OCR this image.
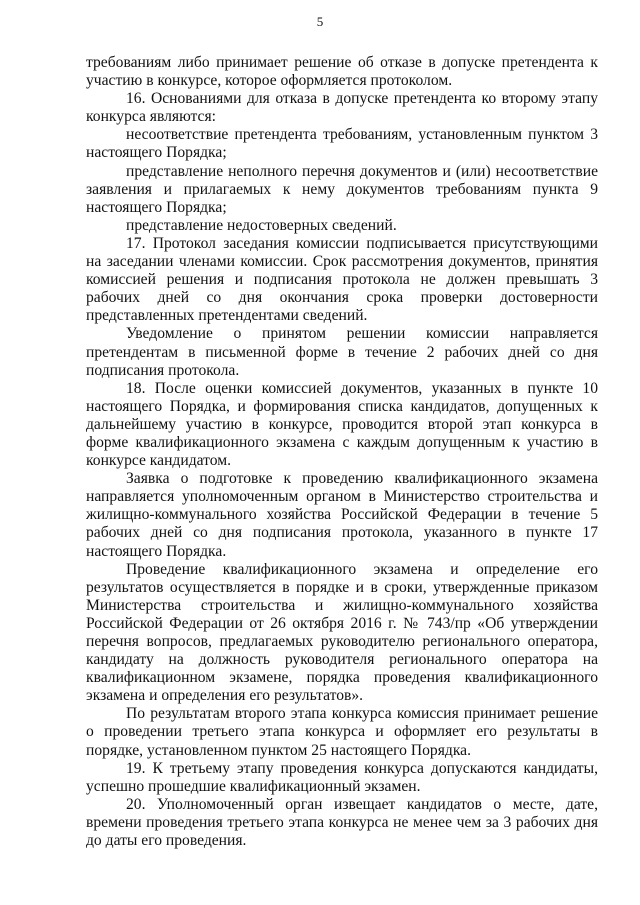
5

требованиям либо принимает решение об отказе в допуске претендента к участию в конкурсе, которое оформляется протоколом.

16. Основаниями для отказа в допуске претендента ко второму этапу конкурса являются:

несоответствие претендента требованиям, установленным пунктом 3 настоящего Порядка;

представление неполного перечня документов и (или) несоответствие заявления и прилагаемых к нему документов требованиям пункта 9 настоящего Порядка;

представление недостоверных сведений.

17. Протокол заседания комиссии подписывается присутствующими на заседании членами комиссии. Срок рассмотрения документов, принятия комиссией решения и подписания протокола не должен превышать 3 рабочих дней со дня окончания срока проверки достоверности представленных претендентами сведений.

Уведомление о принятом решении комиссии направляется претендентам в письменной форме в течение 2 рабочих дней со дня подписания протокола.

18. После оценки комиссией документов, указанных в пункте 10 настоящего Порядка, и формирования списка кандидатов, допущенных к дальнейшему участию в конкурсе, проводится второй этап конкурса в форме квалификационного экзамена с каждым допущенным к участию в конкурсе кандидатом.

Заявка о подготовке к проведению квалификационного экзамена направляется уполномоченным органом в Министерство строительства и жилищно-коммунального хозяйства Российской Федерации в течение 5 рабочих дней со дня подписания протокола, указанного в пункте 17 настоящего Порядка.

Проведение квалификационного экзамена и определение его результатов осуществляется в порядке и в сроки, утвержденные приказом Министерства строительства и жилищно-коммунального хозяйства Российской Федерации от 26 октября 2016 г. № 743/пр «Об утверждении перечня вопросов, предлагаемых руководителю регионального оператора, кандидату на должность руководителя регионального оператора на квалификационном экзамене, порядка проведения квалификационного экзамена и определения его результатов».

По результатам второго этапа конкурса комиссия принимает решение о проведении третьего этапа конкурса и оформляет его результаты в порядке, установленном пунктом 25 настоящего Порядка.

19. К третьему этапу проведения конкурса допускаются кандидаты, успешно прошедшие квалификационный экзамен.

20. Уполномоченный орган извещает кандидатов о месте, дате, времени проведения третьего этапа конкурса не менее чем за 3 рабочих дня до даты его проведения.
